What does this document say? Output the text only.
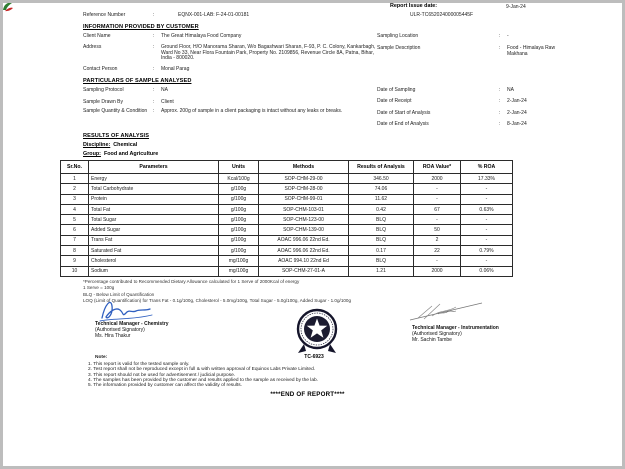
Report Issue date:	9-Jan-24
Reference Number	:	EQNX-001-LAB: F-24-01-00181	ULR-TC652024000005445F
INFORMATION PROVIDED BY CUSTOMER
Client Name	:	The Great Himalaya Food Company	Sampling Location	:	-
Address	:	Ground Floor, H/O Manorama Sharan, W/o Bagashwari Sharan, F-93, P. C. Colony, Kankarbagh, Ward No 33, Near Flora Fountain Park, Property No. 2109856, Revenue Circle 8A, Patna, Bihar, India - 800020.
Sample Description	:	Food - Himalaya Raw Makhana
Contact Person	:	Monal Parag
PARTICULARS OF SAMPLE ANALYSED
Sampling Protocol	:	NA	Date of Sampling	:	NA
Sample Drawn By	:	Client	Date of Receipt	:	2-Jan-24
Sample Quantity & Condition	:	Approx. 200g of sample in a client packaging is intact without any leaks or breaks.	Date of Start of Analysis	:	2-Jan-24
Date of End of Analysis	:	8-Jan-24
RESULTS OF ANALYSIS
Discipline: Chemical
Group: Food and Agriculture
Sr.No.	Parameters	Units	Methods	Results of Analysis	ROA Value*	% ROA
1	Energy	Kcal/100g	SOP-CHM-29-00	346.50	2000	17.33%
2	Total Carbohydrate	g/100g	SOP-CHM-28-00	74.06	-	-
3	Protein	g/100g	SOP-CHM-99-01	11.62	-	-
4	Total Fat	g/100g	SOP-CHM-103-01	0.42	67	0.63%
5	Total Sugar	g/100g	SOP-CHM-123-00	BLQ	-	-
6	Added Sugar	g/100g	SOP-CHM-139-00	BLQ	50	-
7	Trans Fat	g/100g	AOAC 996.06 22nd Ed.	BLQ	2	-
8	Saturated Fat	g/100g	AOAC 996.06 22nd Ed.	0.17	22	0.79%
9	Cholesterol	mg/100g	AOAC 994.10 22nd Ed	BLQ	-	-
10	Sodium	mg/100g	SOP-CHM-27-01-A	1.21	2000	0.06%
*Percentage contributed to Recommended Dietary Allowance calculated for 1 Serve of 2000Kcal of energy
1 Serve = 100g
BLQ - Below Limit of Quantification
LOQ (Limit of Quantification) for Trans Fat - 0.1g/100g, Cholesterol - 5.0mg/100g, Total Sugar - 5.0g/100g, Added Sugar - 1.0g/100g
Technical Manager - Chemistry
(Authorised Signatory)
Ms. Hira Thakur
TC-6923
Technical Manager - Instrumentation
(Authorised Signatory)
Mr. Sachin Tambe
Note:
1. This report is valid for the tested sample only.
2. Test report shall not be reproduced except in full & with written approval of Equinox Labs Private Limited.
3. This report should not be used for advertisement / judicial purpose.
4. The samples has been provided by the customer and results applied to the sample as received by the lab.
5. The information provided by customer can affect the validity of results.
****END OF REPORT****
